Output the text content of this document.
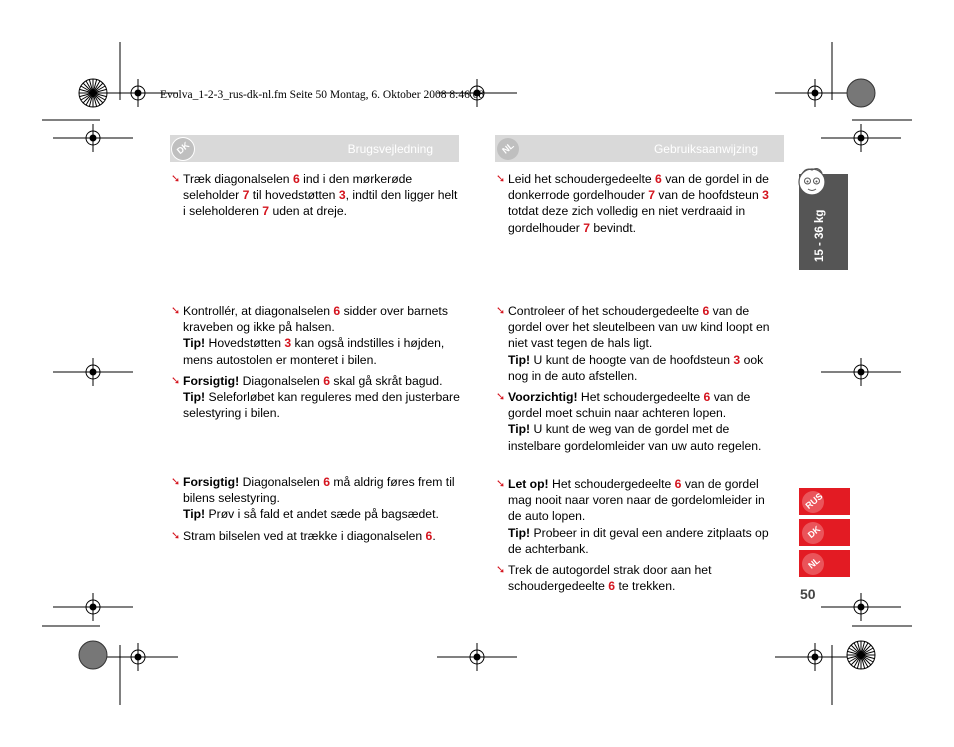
Evolva_1-2-3_rus-dk-nl.fm Seite 50 Montag, 6. Oktober 2008 8:46 08
DK	Brugsvejledning	NL	Gebruiksaanwijzing
➘ Træk diagonalselen 6 ind i den mørkerøde seleholder 7 til hovedstøtten 3, indtil den ligger helt i seleholderen 7 uden at dreje.
➘ Kontrollér, at diagonalselen 6 sidder over barnets kraveben og ikke på halsen.
Tip! Hovedstøtten 3 kan også indstilles i højden, mens autostolen er monteret i bilen.
➘ Forsigtig! Diagonalselen 6 skal gå skråt bagud.
Tip! Seleforløbet kan reguleres med den justerbare selestyring i bilen.
➘ Forsigtig! Diagonalselen 6 må aldrig føres frem til bilens selestyring.
Tip! Prøv i så fald et andet sæde på bagsædet.
➘ Stram bilselen ved at trække i diagonalselen 6.
➘ Leid het schoudergedeelte 6 van de gordel in de donkerrode gordelhouder 7 van de hoofdsteun 3 totdat deze zich volledig en niet verdraaid in gordelhouder 7 bevindt.
➘ Controleer of het schoudergedeelte 6 van de gordel over het sleutelbeen van uw kind loopt en niet vast tegen de hals ligt.
Tip! U kunt de hoogte van de hoofdsteun 3 ook nog in de auto afstellen.
➘ Voorzichtig! Het schoudergedeelte 6 van de gordel moet schuin naar achteren lopen.
Tip! U kunt de weg van de gordel met de instelbare gordelomleider van uw auto regelen.
➘ Let op! Het schoudergedeelte 6 van de gordel mag nooit naar voren naar de gordelomleider in de auto lopen.
Tip! Probeer in dit geval een andere zitplaats op de achterbank.
➘ Trek de autogordel strak door aan het schoudergedeelte 6 te trekken.
15 - 36 kg
RUS
DK
NL
50
